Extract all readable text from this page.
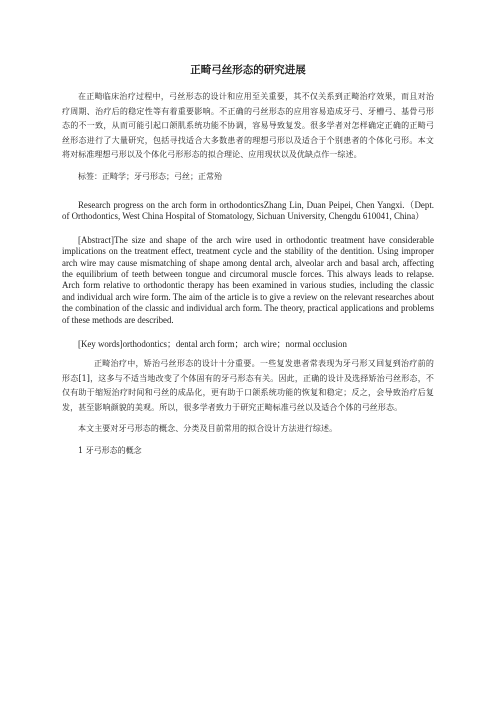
正畸弓丝形态的研究进展

在正畸临床治疗过程中，弓丝形态的设计和应用至关重要，其不仅关系到正畸治疗效果，而且对治疗周期、治疗后的稳定性等有着重要影响。不正确的弓丝形态的应用容易造成牙弓、牙槽弓、基骨弓形态的不一致，从而可能引起口颌肌系统功能不协调，容易导致复发。很多学者对怎样确定正确的正畸弓丝形态进行了大量研究，包括寻找适合大多数患者的理想弓形以及适合于个别患者的个体化弓形。本文将对标准理想弓形以及个体化弓形形态的拟合理论、应用现状以及优缺点作一综述。

标签：正畸学；牙弓形态；弓丝；正常殆

Research progress on the arch form in orthodonticsZhang Lin, Duan Peipei, Chen Yangxi.（Dept. of Orthodontics, West China Hospital of Stomatology, Sichuan University, Chengdu 610041, China）

[Abstract]The size and shape of the arch wire used in orthodontic treatment have considerable implications on the treatment effect, treatment cycle and the stability of the dentition. Using improper arch wire may cause mismatching of shape among dental arch, alveolar arch and basal arch, affecting the equilibrium of teeth between tongue and circumoral muscle forces. This always leads to relapse. Arch form relative to orthodontic therapy has been examined in various studies, including the classic and individual arch wire form. The aim of the article is to give a review on the relevant researches about the combination of the classic and individual arch form. The theory, practical applications and problems of these methods are described.

[Key words]orthodontics；dental arch form；arch wire；normal occlusion

正畸治疗中，矫治弓丝形态的设计十分重要。一些复发患者常表现为牙弓形又回复到治疗前的形态[1]，这多与不适当地改变了个体固有的牙弓形态有关。因此，正确的设计及选择矫治弓丝形态，不仅有助于缩短治疗时间和弓丝的成品化，更有助于口颌系统功能的恢复和稳定；反之，会导致治疗后复发，甚至影响颜貌的美观。所以，很多学者致力于研究正畸标准弓丝以及适合个体的弓丝形态。

本文主要对牙弓形态的概念、分类及目前常用的拟合设计方法进行综述。

1 牙弓形态的概念
